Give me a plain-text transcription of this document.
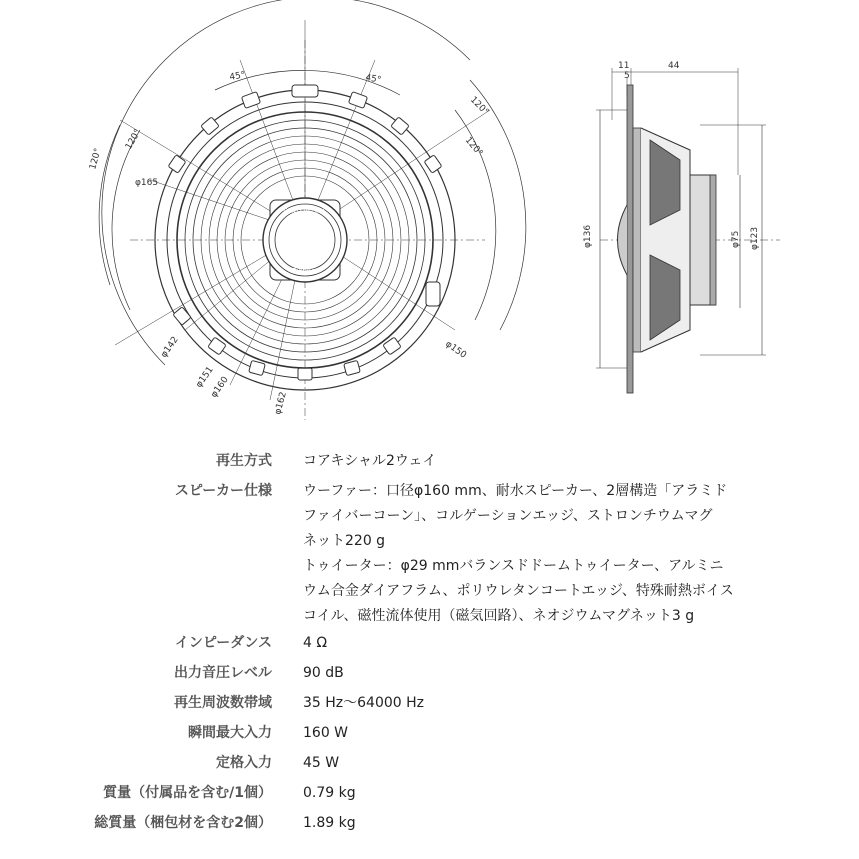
45°	45°
120°
120°
120°
120°
φ165
φ142
φ151
φ160
φ162
φ150
CENTERSONIC
Pioneer
11
5
44
φ136	φ75 φ123
再生方式 コアキシャル2ウェイ
スピーカー仕様 ウーファー：口径φ160 mm、耐水スピーカー、2層構造「アラミド
ファイバーコーン」、コルゲーションエッジ、ストロンチウムマグ
ネット220 g
トゥイーター：φ29 mmバランスドドームトゥイーター、アルミニ
ウム合金ダイアフラム、ポリウレタンコートエッジ、特殊耐熱ボイス
コイル、磁性流体使用（磁気回路）、ネオジウムマグネット3 g
インピーダンス 4 Ω
出力音圧レベル 90 dB
再生周波数帯域 35 Hz～64000 Hz
瞬間最大入力 160 W
定格入力 45 W
質量（付属品を含む/1個） 0.79 kg
総質量（梱包材を含む2個） 1.89 kg
